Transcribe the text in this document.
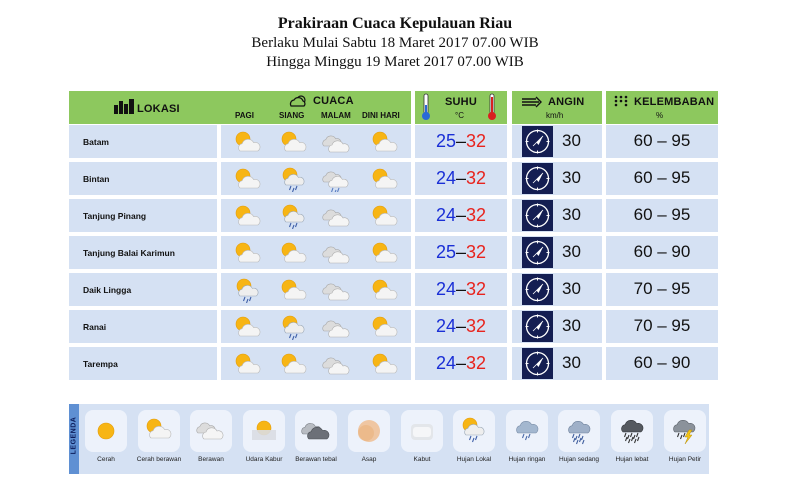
Prakiraan Cuaca Kepulauan Riau
Berlaku Mulai Sabtu 18 Maret 2017 07.00 WIB
Hingga Minggu 19 Maret 2017 07.00 WIB
LOKASI
CUACA
PAGI	SIANG MALAM DINI HARI
SUHU
°C
ANGIN
km/h
KELEMBABAN
%
Batam	25–32	30	60 – 95
Bintan	24–32	30	60 – 95
Tanjung Pinang	24–32	30	60 – 95
Tanjung Balai Karimun	25–32	30	60 – 90
Daik Lingga	24–32	30	70 – 95
Ranai	24–32	30	70 – 95
Tarempa	24–32	30	60 – 90
LEGENDA
Cerah	Cerah berawan	Berawan	Udara Kabur	Berawan tebal	Asap	Kabut	Hujan Lokal	Hujan ringan	Hujan sedang	Hujan lebat	Hujan Petir
